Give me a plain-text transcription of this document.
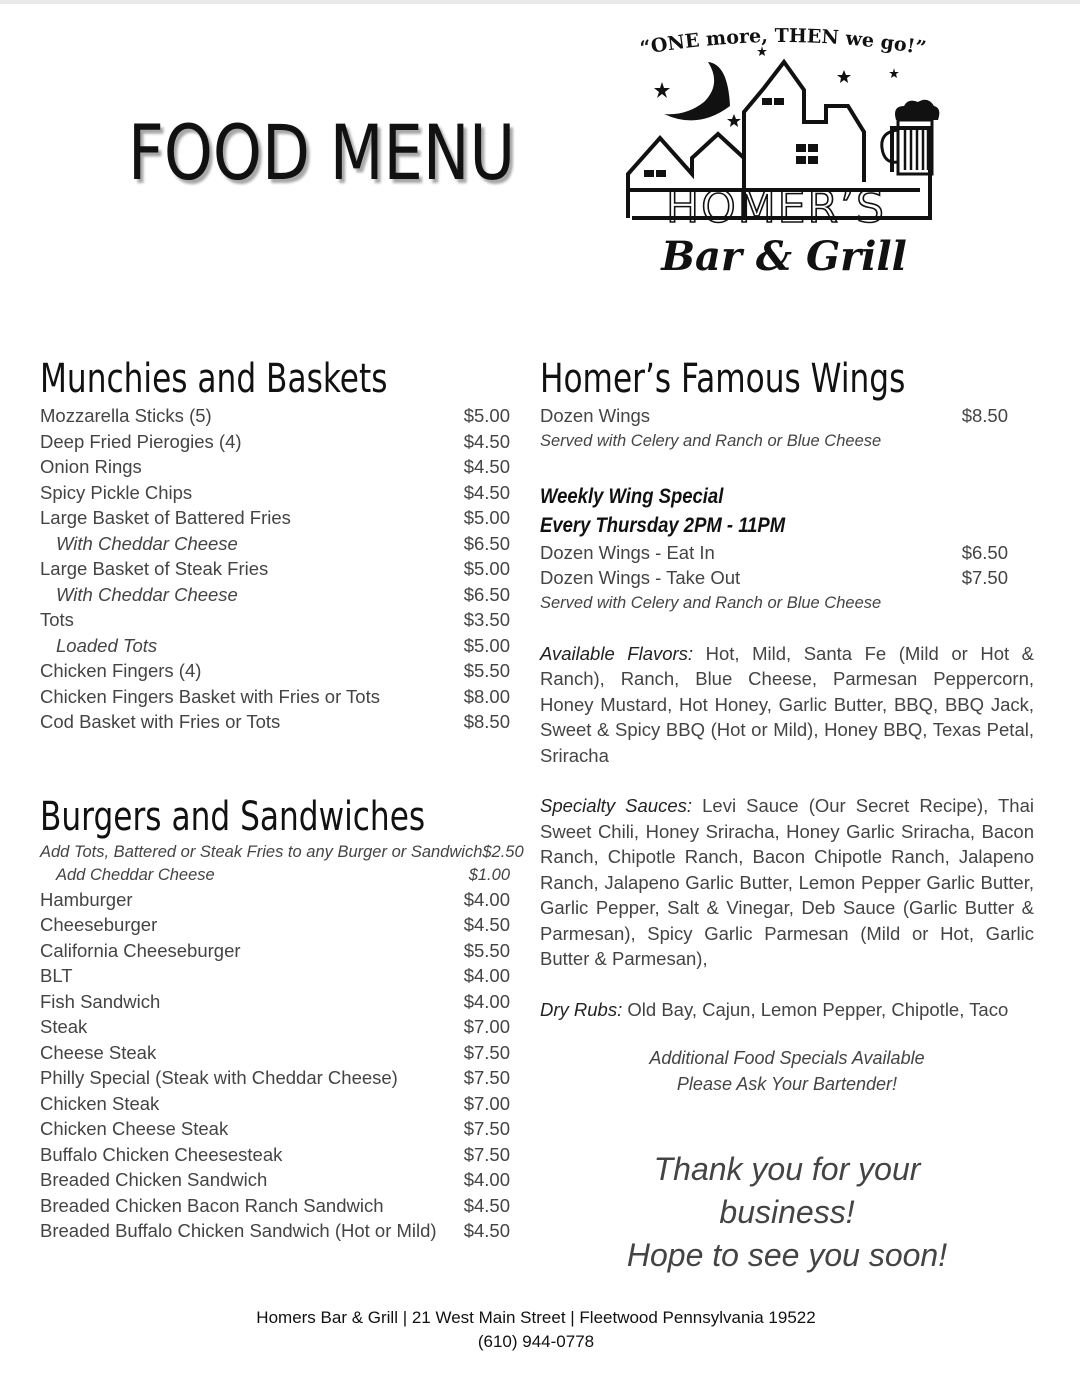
FOOD MENU
“ONE more, THEN we go!”
HOMER’S
Bar & Grill
Munchies and Baskets
Mozzarella Sticks (5)	$5.00
Deep Fried Pierogies (4)	$4.50
Onion Rings	$4.50
Spicy Pickle Chips	$4.50
Large Basket of Battered Fries	$5.00
With Cheddar Cheese	$6.50
Large Basket of Steak Fries	$5.00
With Cheddar Cheese	$6.50
Tots	$3.50
Loaded Tots	$5.00
Chicken Fingers (4)	$5.50
Chicken Fingers Basket with Fries or Tots	$8.00
Cod Basket with Fries or Tots	$8.50
Burgers and Sandwiches
Add Tots, Battered or Steak Fries to any Burger or Sandwich $2.50
Add Cheddar Cheese	$1.00
Hamburger	$4.00
Cheeseburger	$4.50
California Cheeseburger	$5.50
BLT	$4.00
Fish Sandwich	$4.00
Steak	$7.00
Cheese Steak	$7.50
Philly Special (Steak with Cheddar Cheese)	$7.50
Chicken Steak	$7.00
Chicken Cheese Steak	$7.50
Buffalo Chicken Cheesesteak	$7.50
Breaded Chicken Sandwich	$4.00
Breaded Chicken Bacon Ranch Sandwich	$4.50
Breaded Buffalo Chicken Sandwich (Hot or Mild) $4.50
Homer’s Famous Wings
Dozen Wings	$8.50
Served with Celery and Ranch or Blue Cheese
Weekly Wing Special
Every Thursday 2PM - 11PM
Dozen Wings - Eat In	$6.50
Dozen Wings - Take Out	$7.50
Served with Celery and Ranch or Blue Cheese

Available Flavors: Hot, Mild, Santa Fe (Mild or Hot & Ranch), Ranch, Blue Cheese, Parmesan Peppercorn, Honey Mustard, Hot Honey, Garlic Butter, BBQ, BBQ Jack, Sweet & Spicy BBQ (Hot or Mild), Honey BBQ, Texas Petal, Sriracha

Specialty Sauces: Levi Sauce (Our Secret Recipe), Thai Sweet Chili, Honey Sriracha, Honey Garlic Sriracha, Bacon Ranch, Chipotle Ranch, Bacon Chipotle Ranch, Jalapeno Ranch, Jalapeno Garlic Butter, Lemon Pepper Garlic Butter, Garlic Pepper, Salt & Vinegar, Deb Sauce (Garlic Butter & Parmesan), Spicy Garlic Parmesan (Mild or Hot, Garlic Butter & Parmesan),

Dry Rubs: Old Bay, Cajun, Lemon Pepper, Chipotle, Taco

Additional Food Specials Available
Please Ask Your Bartender!
Thank you for your business!
Hope to see you soon!
Homers Bar & Grill | 21 West Main Street | Fleetwood Pennsylvania 19522
(610) 944-0778
